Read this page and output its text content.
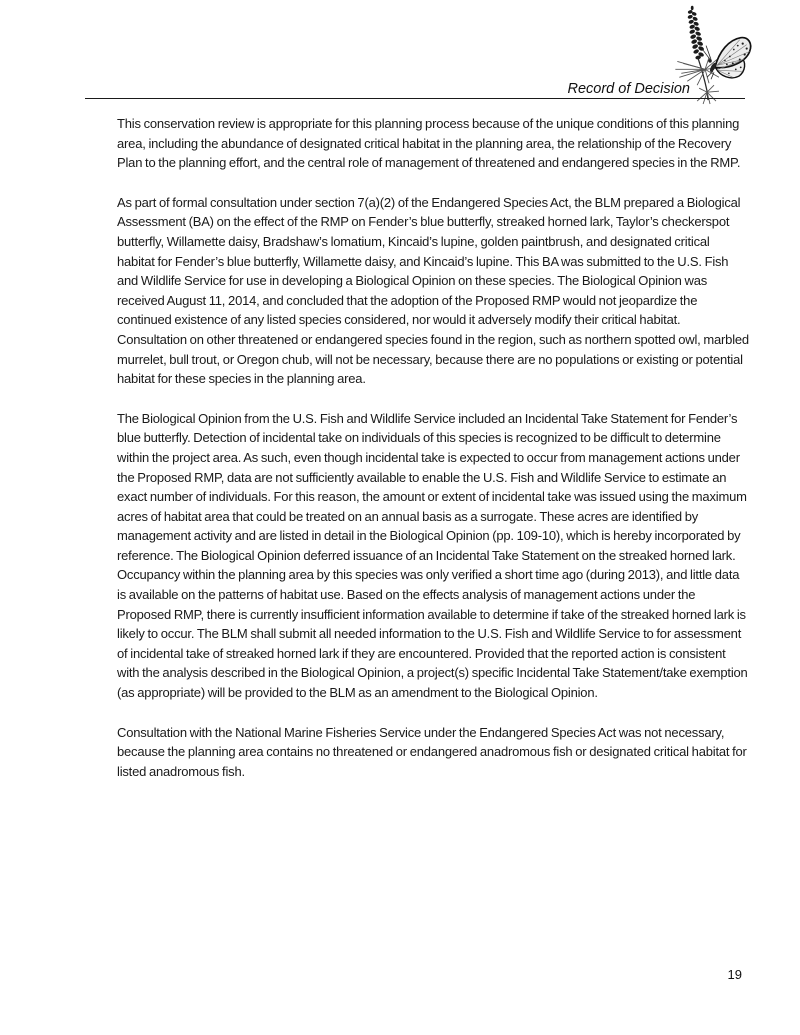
Record of Decision

This conservation review is appropriate for this planning process because of the unique conditions of this planning area, including the abundance of designated critical habitat in the planning area, the relationship of the Recovery Plan to the planning effort, and the central role of management of threatened and endangered species in the RMP.

As part of formal consultation under section 7(a)(2) of the Endangered Species Act, the BLM prepared a Biological Assessment (BA) on the effect of the RMP on Fender’s blue butterfly, streaked horned lark, Taylor’s checkerspot butterfly, Willamette daisy, Bradshaw’s lomatium, Kincaid’s lupine, golden paintbrush, and designated critical habitat for Fender’s blue butterfly, Willamette daisy, and Kincaid’s lupine. This BA was submitted to the U.S. Fish and Wildlife Service for use in developing a Biological Opinion on these species. The Biological Opinion was received August 11, 2014, and concluded that the adoption of the Proposed RMP would not jeopardize the continued existence of any listed species considered, nor would it adversely modify their critical habitat. Consultation on other threatened or endangered species found in the region, such as northern spotted owl, marbled murrelet, bull trout, or Oregon chub, will not be necessary, because there are no populations or existing or potential habitat for these species in the planning area.

The Biological Opinion from the U.S. Fish and Wildlife Service included an Incidental Take Statement for Fender’s blue butterfly. Detection of incidental take on individuals of this species is recognized to be difficult to determine within the project area. As such, even though incidental take is expected to occur from management actions under the Proposed RMP, data are not sufficiently available to enable the U.S. Fish and Wildlife Service to estimate an exact number of individuals. For this reason, the amount or extent of incidental take was issued using the maximum acres of habitat area that could be treated on an annual basis as a surrogate. These acres are identified by management activity and are listed in detail in the Biological Opinion (pp. 109-10), which is hereby incorporated by reference. The Biological Opinion deferred issuance of an Incidental Take Statement on the streaked horned lark. Occupancy within the planning area by this species was only verified a short time ago (during 2013), and little data is available on the patterns of habitat use. Based on the effects analysis of management actions under the Proposed RMP, there is currently insufficient information available to determine if take of the streaked horned lark is likely to occur. The BLM shall submit all needed information to the U.S. Fish and Wildlife Service to for assessment of incidental take of streaked horned lark if they are encountered. Provided that the reported action is consistent with the analysis described in the Biological Opinion, a project(s) specific Incidental Take Statement/take exemption (as appropriate) will be provided to the BLM as an amendment to the Biological Opinion.

Consultation with the National Marine Fisheries Service under the Endangered Species Act was not necessary, because the planning area contains no threatened or endangered anadromous fish or designated critical habitat for listed anadromous fish.

19
